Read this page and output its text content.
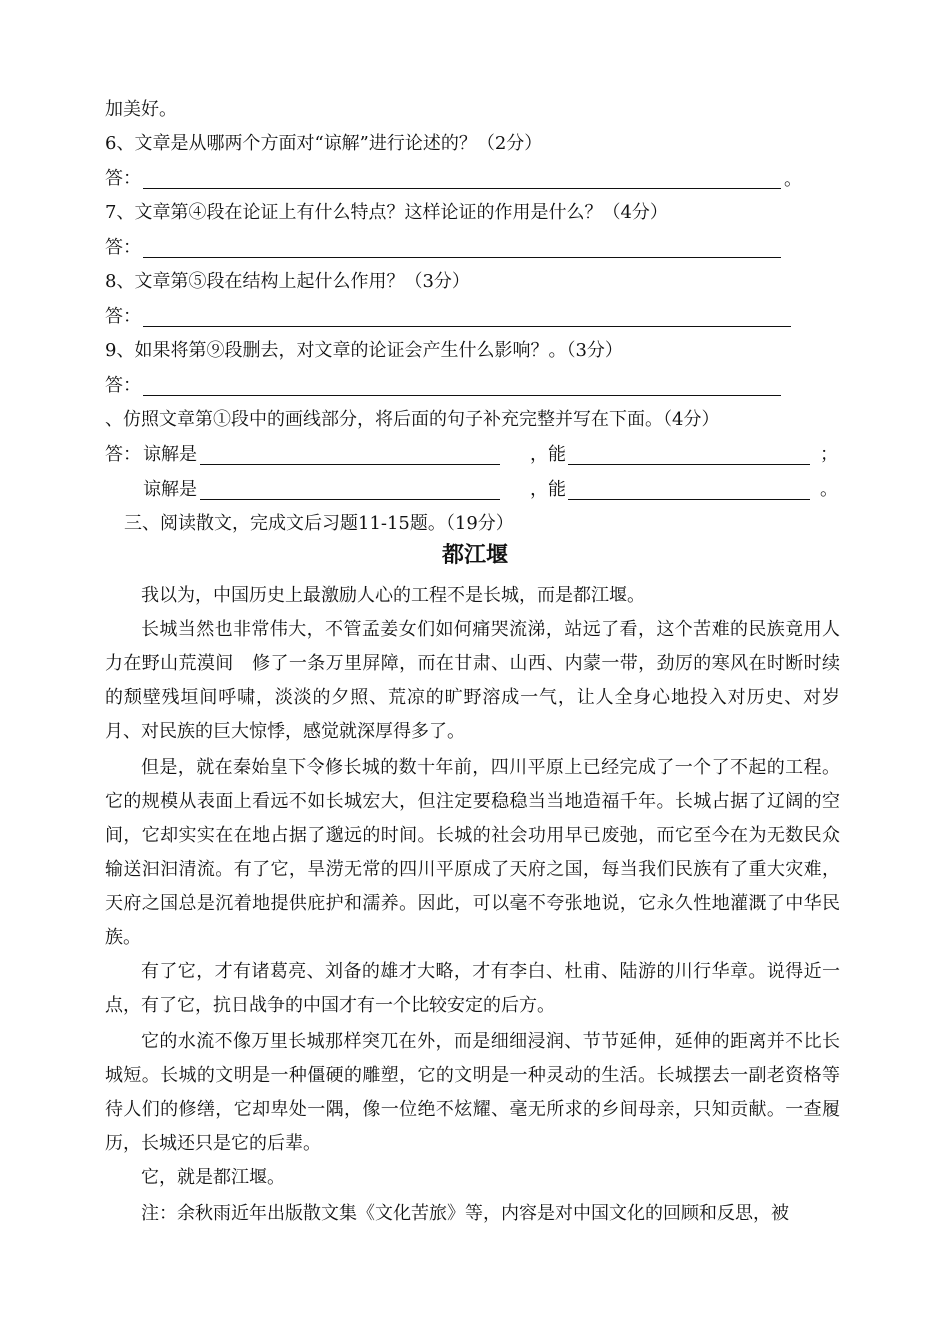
加美好。
6、文章是从哪两个方面对“谅解”进行论述的？（2分）
答：	。
7、文章第④段在论证上有什么特点？这样论证的作用是什么？（4分）
答：
8、文章第⑤段在结构上起什么作用？（3分）
答：
9、如果将第⑨段删去，对文章的论证会产生什么影响？。（3分）
答：
、仿照文章第①段中的画线部分，将后面的句子补充完整并写在下面。（4分）
答： 谅解是	，能	；
谅解是	，能	。
三、阅读散文，完成文后习题11-15题。（19分）
都江堰

我以为，中国历史上最激励人心的工程不是长城，而是都江堰。

长城当然也非常伟大，不管孟姜女们如何痛哭流涕，站远了看，这个苦难的民族竟用人力在野山荒漠间　修了一条万里屏障，而在甘肃、山西、内蒙一带，劲厉的寒风在时断时续的颓壁残垣间呼啸，淡淡的夕照、荒凉的旷野溶成一气，让人全身心地投入对历史、对岁月、对民族的巨大惊悸，感觉就深厚得多了。

但是，就在秦始皇下令修长城的数十年前，四川平原上已经完成了一个了不起的工程。它的规模从表面上看远不如长城宏大，但注定要稳稳当当地造福千年。长城占据了辽阔的空间，它却实实在在地占据了邈远的时间。长城的社会功用早已废弛，而它至今在为无数民众输送汩汩清流。有了它，旱涝无常的四川平原成了天府之国，每当我们民族有了重大灾难，天府之国总是沉着地提供庇护和濡养。因此，可以毫不夸张地说，它永久性地灌溉了中华民族。

有了它，才有诸葛亮、刘备的雄才大略，才有李白、杜甫、陆游的川行华章。说得近一点，有了它，抗日战争的中国才有一个比较安定的后方。

它的水流不像万里长城那样突兀在外，而是细细浸润、节节延伸，延伸的距离并不比长城短。长城的文明是一种僵硬的雕塑，它的文明是一种灵动的生活。长城摆去一副老资格等待人们的修缮，它却卑处一隅，像一位绝不炫耀、毫无所求的乡间母亲，只知贡献。一查履历，长城还只是它的后辈。

它，就是都江堰。

注：余秋雨近年出版散文集《文化苦旅》等，内容是对中国文化的回顾和反思，被
